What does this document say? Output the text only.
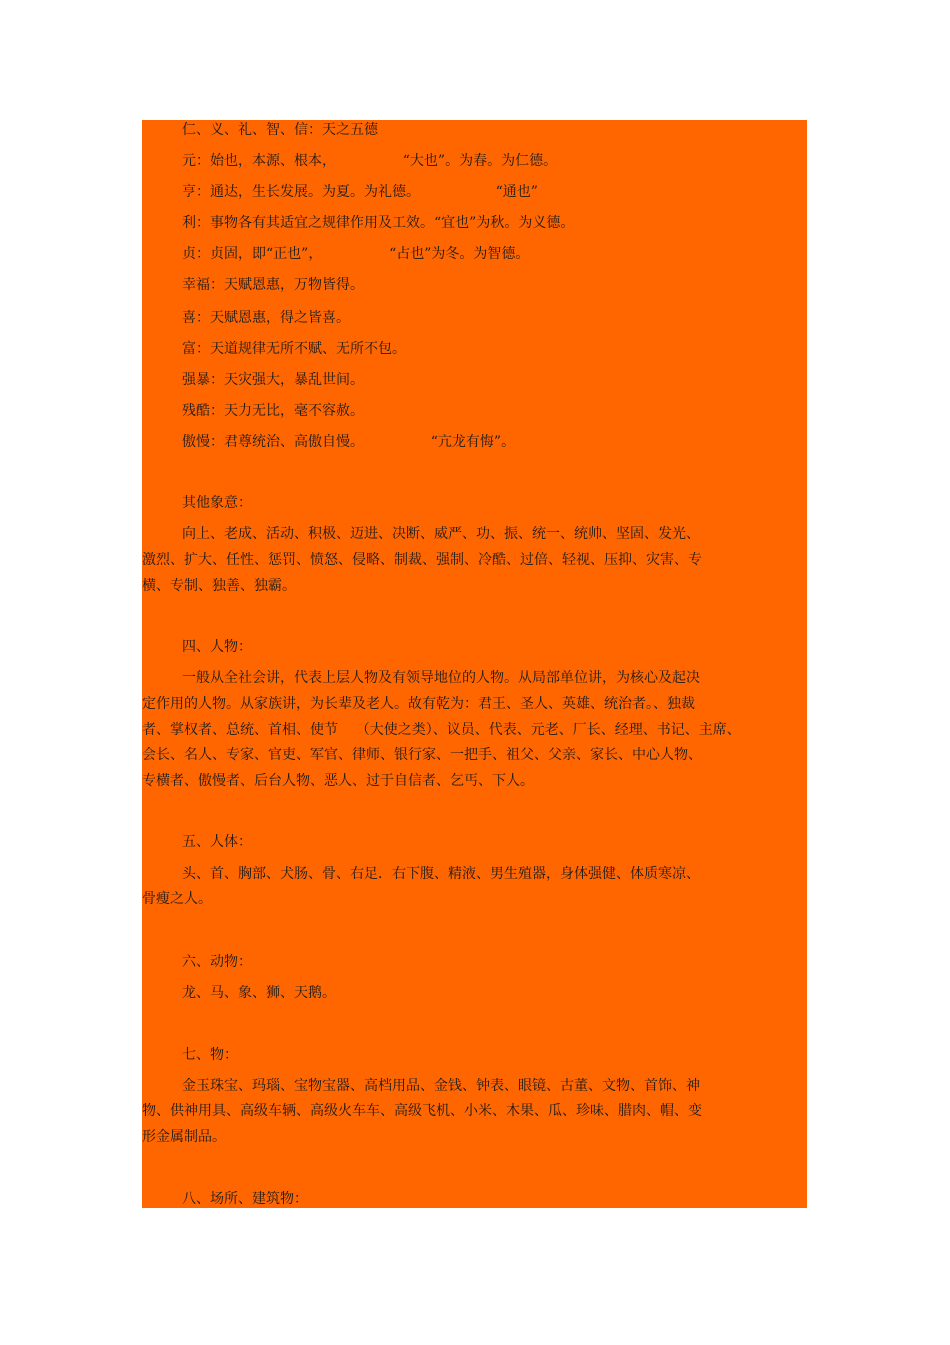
仁、义、礼、智、信：天之五德
元：始也，本源、根本，               “大也”。为春。为仁德。
亨：通达，生长发展。为夏。为礼德。                 “通也”
利：事物各有其适宜之规律作用及工效。“宜也”为秋。为义德。
贞：贞固，即“正也”，               “占也”为冬。为智德。
幸福：天赋恩惠，万物皆得。
喜：天赋恩惠，得之皆喜。
富：天道规律无所不赋、无所不包。
强暴：天灾强大，暴乱世间。
残酷：天力无比，毫不容赦。
傲慢：君尊统治、高傲自慢。               “亢龙有悔”。
其他象意：
向上、老成、活动、积极、迈进、决断、威严、功、振、统一、统帅、坚固、发光、
激烈、扩大、任性、惩罚、愤怒、侵略、制裁、强制、冷酷、过倍、轻视、压抑、灾害、专
横、专制、独善、独霸。
四、人物：
一般从全社会讲，代表上层人物及有领导地位的人物。从局部单位讲，为核心及起决
定作用的人物。从家族讲，为长辈及老人。故有乾为：君王、圣人、英雄、统治者。、独裁
者、掌权者、总统、首相、使节    （大使之类）、议员、代表、元老、厂长、经理、书记、主席、
会长、名人、专家、官吏、军官、律师、银行家、一把手、祖父、父亲、家长、中心人物、
专横者、傲慢者、后台人物、恶人、过于自信者、乞丐、下人。
五、人体：
头、首、胸部、犬肠、骨、右足．右下腹、精液、男生殖器，身体强健、体质寒凉、
骨瘦之人。
六、动物：
龙、马、象、狮、天鹅。
七、物：
金玉珠宝、玛瑙、宝物宝器、高档用品、金钱、钟表、眼镜、古董、文物、首饰、神
物、供神用具、高级车辆、高级火车车、高级飞机、小米、木果、瓜、珍味、腊肉、帽、变
形金属制品。
八、场所、建筑物：
